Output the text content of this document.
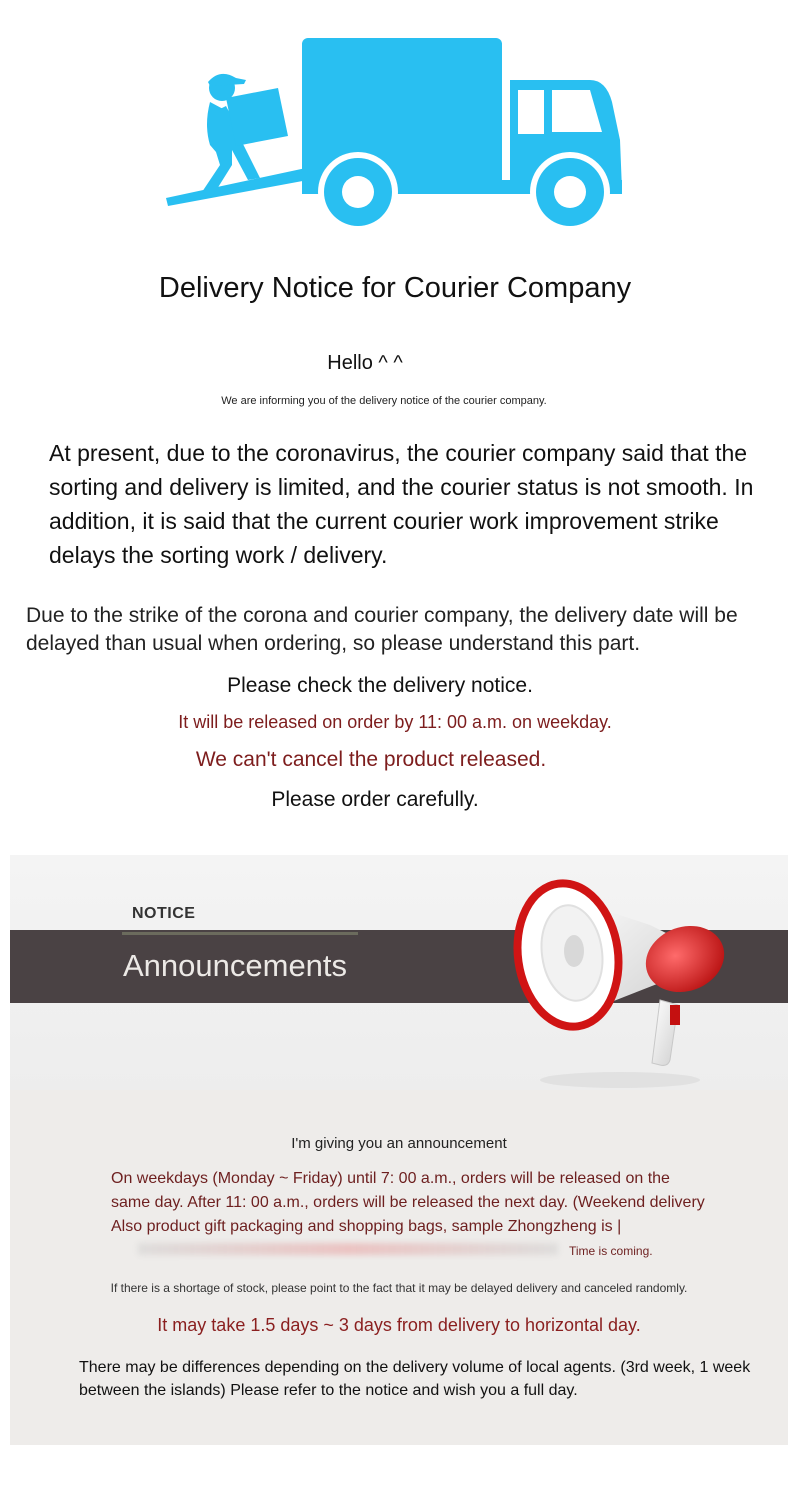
Delivery Notice for Courier Company
Hello ^ ^
We are informing you of the delivery notice of the courier company.
At present, due to the coronavirus, the courier company said that the sorting and delivery is limited, and the courier status is not smooth. In addition, it is said that the current courier work improvement strike delays the sorting work / delivery.
Due to the strike of the corona and courier company, the delivery date will be delayed than usual when ordering, so please understand this part.
Please check the delivery notice.
It will be released on order by 11: 00 a.m. on weekday.
We can't cancel the product released.
Please order carefully.
NOTICE
Announcements
I'm giving you an announcement
On weekdays (Monday ~ Friday) until 7: 00 a.m., orders will be released on the same day. After 11: 00 a.m., orders will be released the next day. (Weekend delivery Also product gift packaging and shopping bags, sample Zhongzheng is |
Time is coming.
If there is a shortage of stock, please point to the fact that it may be delayed delivery and canceled randomly.
It may take 1.5 days ~ 3 days from delivery to horizontal day.
There may be differences depending on the delivery volume of local agents. (3rd week, 1 week between the islands) Please refer to the notice and wish you a full day.
